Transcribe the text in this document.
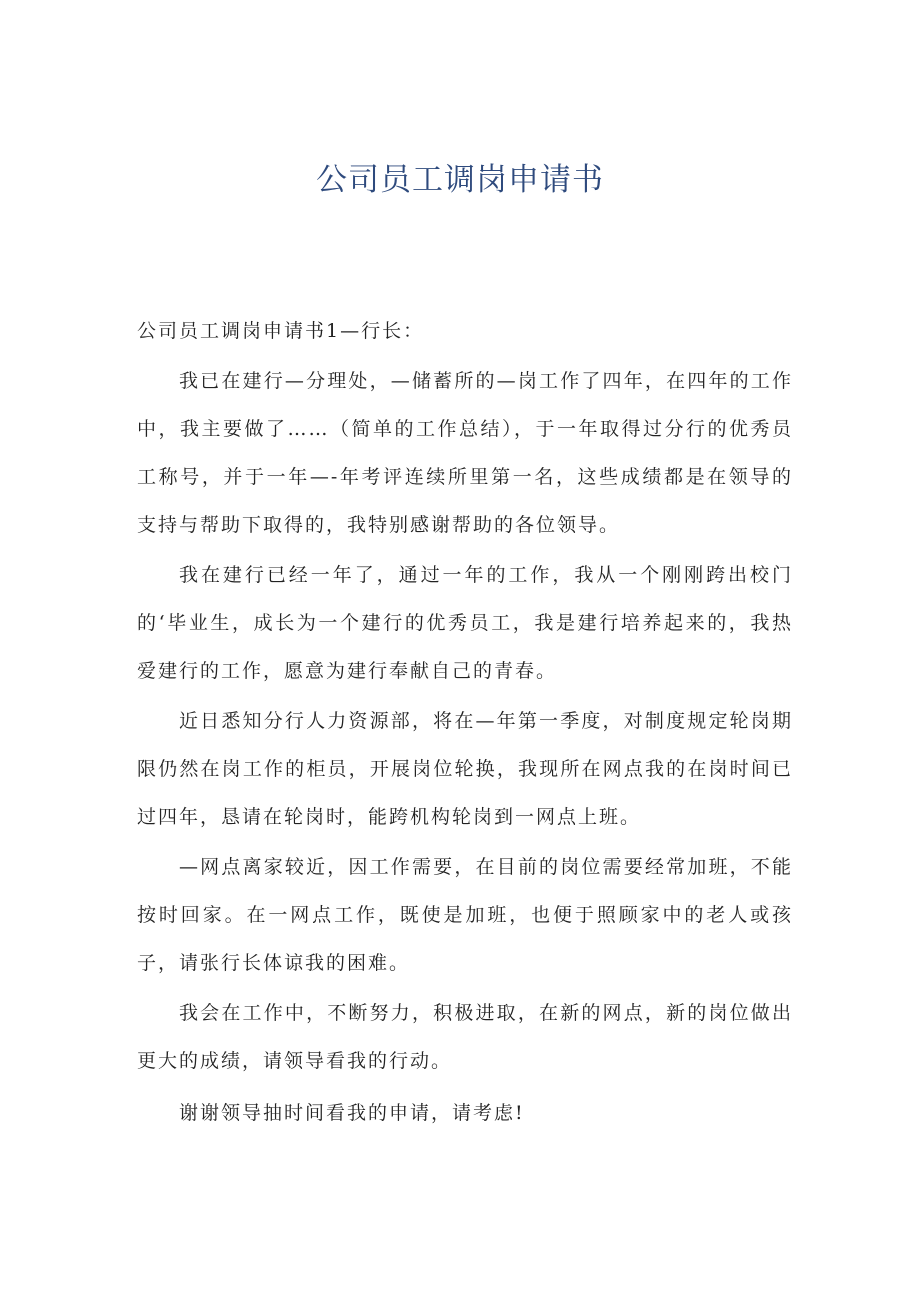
公司员工调岗申请书

公司员工调岗申请书1—行长：

我已在建行—分理处，—储蓄所的—岗工作了四年，在四年的工作中，我主要做了……（简单的工作总结），于一年取得过分行的优秀员工称号，并于一年—-年考评连续所里第一名，这些成绩都是在领导的支持与帮助下取得的，我特别感谢帮助的各位领导。

我在建行已经一年了，通过一年的工作，我从一个刚刚跨出校门的‘毕业生，成长为一个建行的优秀员工，我是建行培养起来的，我热爱建行的工作，愿意为建行奉献自己的青春。

近日悉知分行人力资源部，将在—年第一季度，对制度规定轮岗期限仍然在岗工作的柜员，开展岗位轮换，我现所在网点我的在岗时间已过四年，恳请在轮岗时，能跨机构轮岗到一网点上班。

—网点离家较近，因工作需要，在目前的岗位需要经常加班，不能按时回家。在一网点工作，既使是加班，也便于照顾家中的老人或孩子，请张行长体谅我的困难。

我会在工作中，不断努力，积极进取，在新的网点，新的岗位做出更大的成绩，请领导看我的行动。

谢谢领导抽时间看我的申请，请考虑!
